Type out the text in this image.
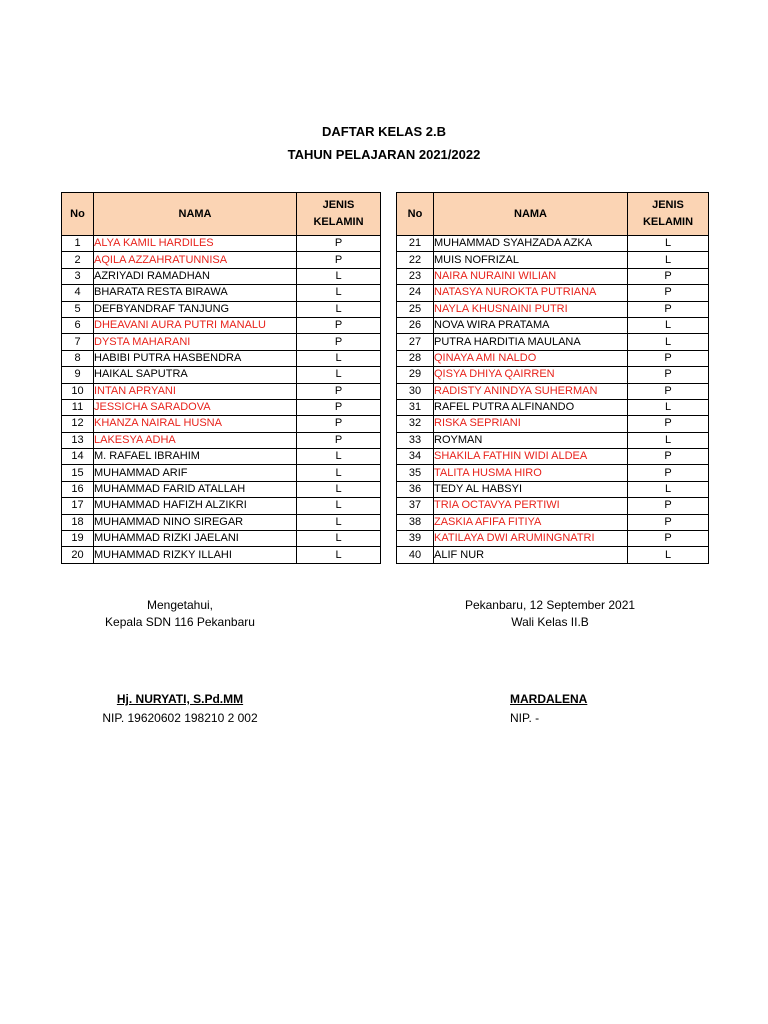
DAFTAR KELAS 2.B
TAHUN PELAJARAN 2021/2022
No	NAMA	JENIS
KELAMIN
1	ALYA KAMIL HARDILES	P
2	AQILA AZZAHRATUNNISA	P
3	AZRIYADI RAMADHAN	L
4	BHARATA RESTA BIRAWA	L
5	DEFBYANDRAF TANJUNG	L
6	DHEAVANI AURA PUTRI MANALU	P
7	DYSTA MAHARANI	P
8	HABIBI PUTRA HASBENDRA	L
9	HAIKAL SAPUTRA	L
10	INTAN APRYANI	P
11	JESSICHA SARADOVA	P
12	KHANZA NAIRAL HUSNA	P
13	LAKESYA ADHA	P
14	M. RAFAEL IBRAHIM	L
15	MUHAMMAD ARIF	L
16	MUHAMMAD FARID ATALLAH	L
17	MUHAMMAD HAFIZH ALZIKRI	L
18	MUHAMMAD NINO SIREGAR	L
19	MUHAMMAD RIZKI JAELANI	L
20	MUHAMMAD RIZKY ILLAHI	L
No	NAMA	JENIS
KELAMIN
21	MUHAMMAD SYAHZADA AZKA	L
22	MUIS NOFRIZAL	L
23	NAIRA NURAINI WILIAN	P
24	NATASYA NUROKTA PUTRIANA	P
25	NAYLA KHUSNAINI PUTRI	P
26	NOVA WIRA PRATAMA	L
27	PUTRA HARDITIA MAULANA	L
28	QINAYA AMI NALDO	P
29	QISYA DHIYA QAIRREN	P
30	RADISTY ANINDYA SUHERMAN	P
31	RAFEL PUTRA ALFINANDO	L
32	RISKA SEPRIANI	P
33	ROYMAN	L
34	SHAKILA FATHIN WIDI ALDEA	P
35	TALITA HUSMA HIRO	P
36	TEDY AL HABSYI	L
37	TRIA OCTAVYA PERTIWI	P
38	ZASKIA AFIFA FITIYA	P
39	KATILAYA DWI ARUMINGNATRI	P
40	ALIF NUR	L
Mengetahui,
Kepala SDN 116 Pekanbaru
Hj. NURYATI, S.Pd.MM
NIP. 19620602 198210 2 002
Pekanbaru, 12 September 2021
Wali Kelas II.B
MARDALENA
NIP. -
